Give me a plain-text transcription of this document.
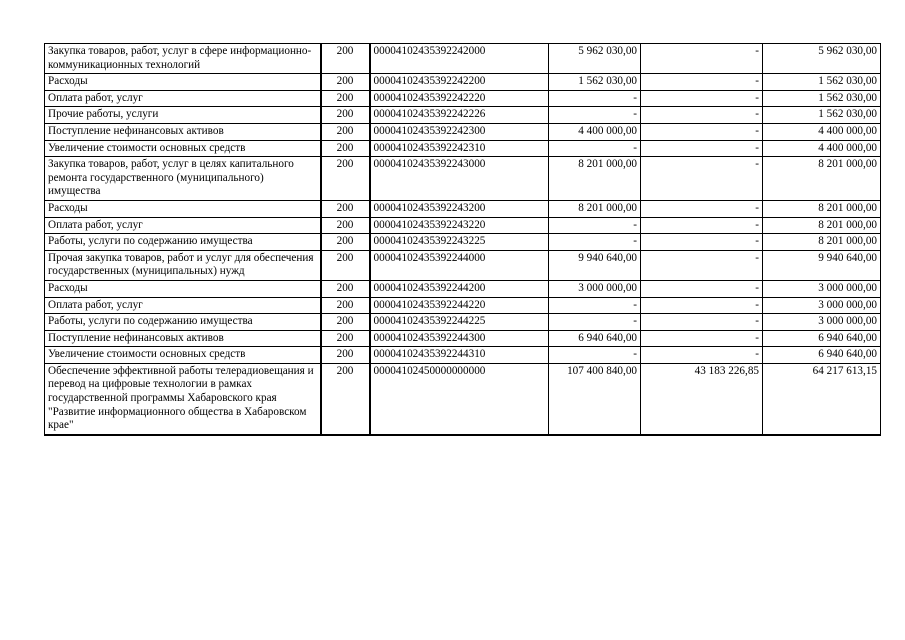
Закупка товаров, работ, услуг в сфере информационно-коммуникационных технологий	200	00004102435392242000	5 962 030,00	-	5 962 030,00
Расходы	200	00004102435392242200	1 562 030,00	-	1 562 030,00
Оплата работ, услуг	200	00004102435392242220	-	-	1 562 030,00
Прочие работы, услуги	200	00004102435392242226	-	-	1 562 030,00
Поступление нефинансовых активов	200	00004102435392242300	4 400 000,00	-	4 400 000,00
Увеличение стоимости основных средств	200	00004102435392242310	-	-	4 400 000,00
Закупка товаров, работ, услуг в целях капитального ремонта государственного (муниципального) имущества	200	00004102435392243000	8 201 000,00	-	8 201 000,00
Расходы	200	00004102435392243200	8 201 000,00	-	8 201 000,00
Оплата работ, услуг	200	00004102435392243220	-	-	8 201 000,00
Работы, услуги по содержанию имущества	200	00004102435392243225	-	-	8 201 000,00
Прочая закупка товаров, работ и услуг для обеспечения государственных (муниципальных) нужд	200	00004102435392244000	9 940 640,00	-	9 940 640,00
Расходы	200	00004102435392244200	3 000 000,00	-	3 000 000,00
Оплата работ, услуг	200	00004102435392244220	-	-	3 000 000,00
Работы, услуги по содержанию имущества	200	00004102435392244225	-	-	3 000 000,00
Поступление нефинансовых активов	200	00004102435392244300	6 940 640,00	-	6 940 640,00
Увеличение стоимости основных средств	200	00004102435392244310	-	-	6 940 640,00
Обеспечение эффективной работы телерадиовещания и перевод на цифровые технологии в рамках государственной программы Хабаровского края "Развитие информационного общества в Хабаровском крае"	200	00004102450000000000	107 400 840,00	43 183 226,85	64 217 613,15
